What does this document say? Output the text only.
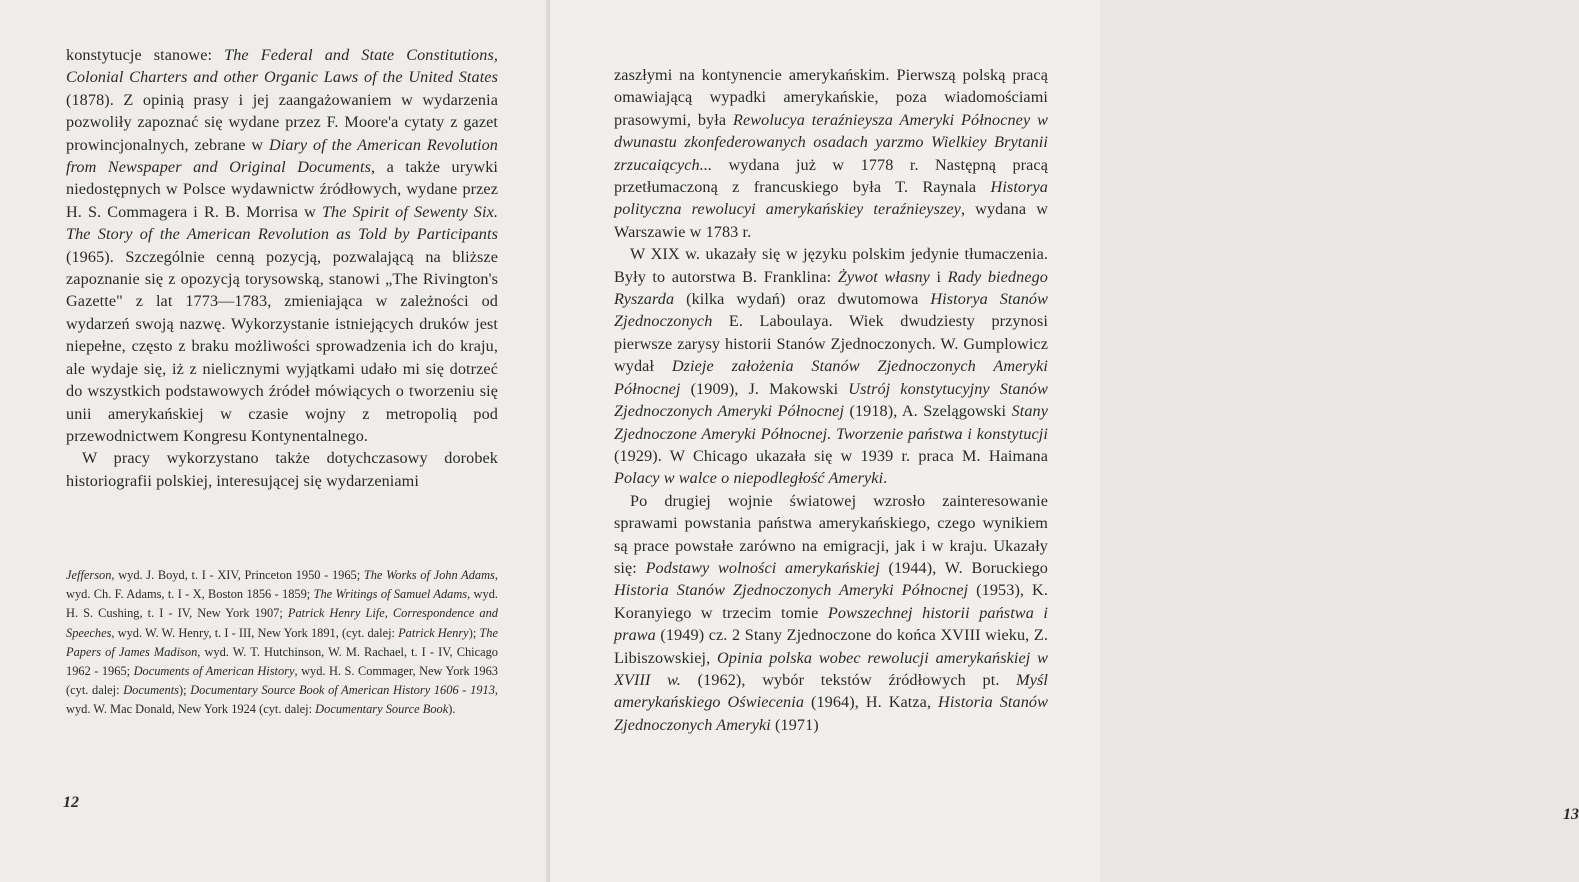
konstytucje stanowe: The Federal and State Constitutions, Colonial Charters and other Organic Laws of the United States (1878). Z opinią prasy i jej zaangażowaniem w wydarzenia pozwoliły zapoznać się wydane przez F. Moore'a cytaty z gazet prowincjonalnych, zebrane w Diary of the American Revolution from Newspaper and Original Documents, a także urywki niedostępnych w Polsce wydawnictw źródłowych, wydane przez H. S. Commagera i R. B. Morrisa w The Spirit of Sewenty Six. The Story of the American Revolution as Told by Participants (1965). Szczególnie cenną pozycją, pozwalającą na bliższe zapoznanie się z opozycją torysowską, stanowi „The Rivington's Gazette" z lat 1773—1783, zmieniająca w zależności od wydarzeń swoją nazwę. Wykorzystanie istniejących druków jest niepełne, często z braku możliwości sprowadzenia ich do kraju, ale wydaje się, iż z nielicznymi wyjątkami udało mi się dotrzeć do wszystkich podstawowych źródeł mówiących o tworzeniu się unii amerykańskiej w czasie wojny z metropolią pod przewodnictwem Kongresu Kontynentalnego.

W pracy wykorzystano także dotychczasowy dorobek historiografii polskiej, interesującej się wydarzeniami

Jefferson, wyd. J. Boyd, t. I - XIV, Princeton 1950 - 1965; The Works of John Adams, wyd. Ch. F. Adams, t. I - X, Boston 1856 - 1859; The Writings of Samuel Adams, wyd. H. S. Cushing, t. I - IV, New York 1907; Patrick Henry Life, Correspondence and Speeches, wyd. W. W. Henry, t. I - III, New York 1891, (cyt. dalej: Patrick Henry); The Papers of James Madison, wyd. W. T. Hutchinson, W. M. Rachael, t. I - IV, Chicago 1962 - 1965; Documents of American History, wyd. H. S. Commager, New York 1963 (cyt. dalej: Documents); Documentary Source Book of American History 1606 - 1913, wyd. W. Mac Donald, New York 1924 (cyt. dalej: Documentary Source Book).

12

zaszłymi na kontynencie amerykańskim. Pierwszą polską pracą omawiającą wypadki amerykańskie, poza wiadomościami prasowymi, była Rewolucya teraźnieysza Ameryki Północney w dwunastu zkonfederowanych osadach yarzmo Wielkiey Brytanii zrzucaiących... wydana już w 1778 r. Następną pracą przetłumaczoną z francuskiego była T. Raynala Historya polityczna rewolucyi amerykańskiey teraźnieyszey, wydana w Warszawie w 1783 r.

W XIX w. ukazały się w języku polskim jedynie tłumaczenia. Były to autorstwa B. Franklina: Żywot własny i Rady biednego Ryszarda (kilka wydań) oraz dwutomowa Historya Stanów Zjednoczonych E. Laboulaya. Wiek dwudziesty przynosi pierwsze zarysy historii Stanów Zjednoczonych. W. Gumplowicz wydał Dzieje założenia Stanów Zjednoczonych Ameryki Północnej (1909), J. Makowski Ustrój konstytucyjny Stanów Zjednoczonych Ameryki Północnej (1918), A. Szelągowski Stany Zjednoczone Ameryki Północnej. Tworzenie państwa i konstytucji (1929). W Chicago ukazała się w 1939 r. praca M. Haimana Polacy w walce o niepodległość Ameryki.

Po drugiej wojnie światowej wzrosło zainteresowanie sprawami powstania państwa amerykańskiego, czego wynikiem są prace powstałe zarówno na emigracji, jak i w kraju. Ukazały się: Podstawy wolności amerykańskiej (1944), W. Boruckiego Historia Stanów Zjednoczonych Ameryki Północnej (1953), K. Koranyiego w trzecim tomie Powszechnej historii państwa i prawa (1949) cz. 2 Stany Zjednoczone do końca XVIII wieku, Z. Libiszowskiej, Opinia polska wobec rewolucji amerykańskiej w XVIII w. (1962), wybór tekstów źródłowych pt. Myśl amerykańskiego Oświecenia (1964), H. Katza, Historia Stanów Zjednoczonych Ameryki (1971)

13
